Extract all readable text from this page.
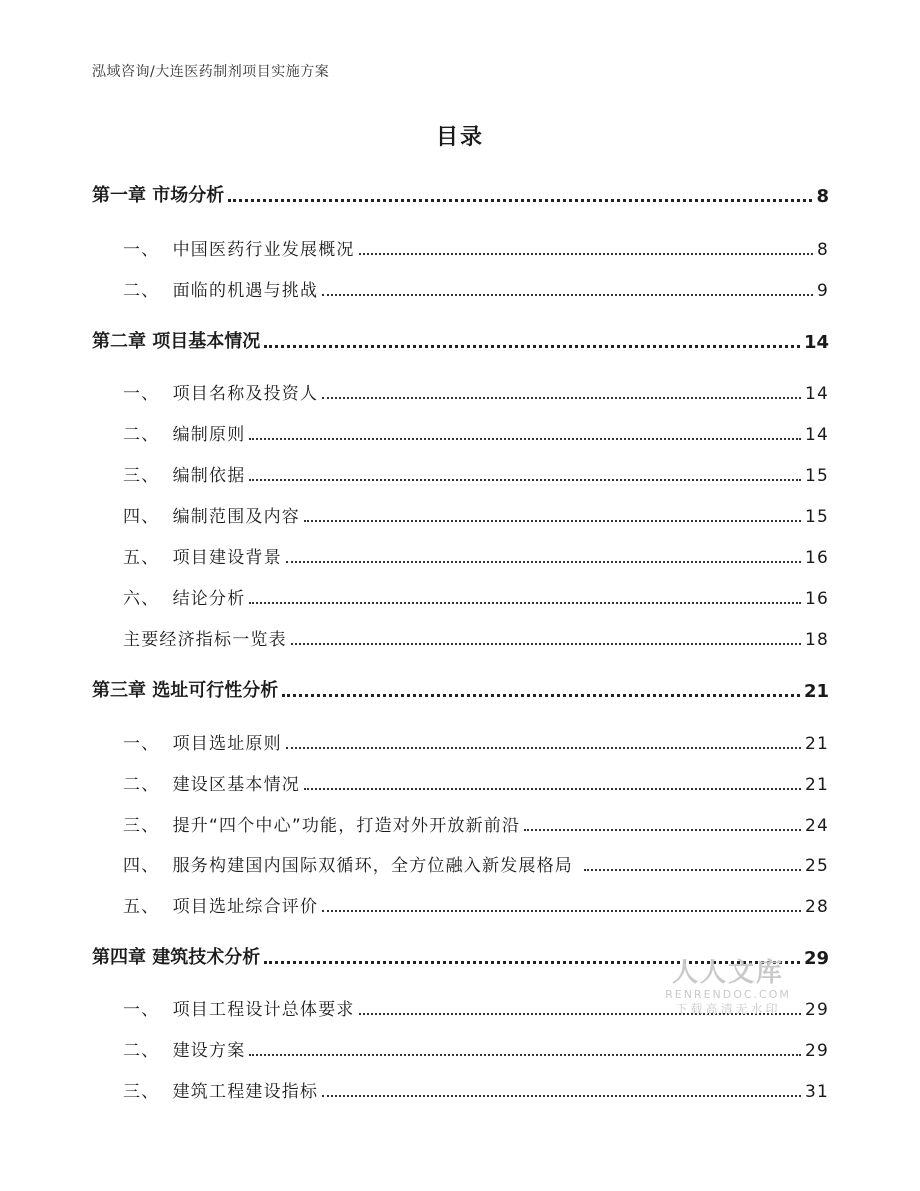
泓域咨询/大连医药制剂项目实施方案
目录
第一章 市场分析	8
一、 中国医药行业发展概况	8
二、 面临的机遇与挑战	9
第二章 项目基本情况	14
一、 项目名称及投资人	14
二、 编制原则	14
三、 编制依据	15
四、 编制范围及内容	15
五、 项目建设背景	16
六、 结论分析	16
主要经济指标一览表	18
第三章 选址可行性分析	21
一、 项目选址原则	21
二、 建设区基本情况	21
三、 提升“四个中心”功能，打造对外开放新前沿	24
四、 服务构建国内国际双循环，全方位融入新发展格局	25
五、 项目选址综合评价	28
第四章 建筑技术分析	29
一、 项目工程设计总体要求	29
二、 建设方案	29
三、 建筑工程建设指标	31
人人文库
RENRENDOC.COM
下载高清无水印
